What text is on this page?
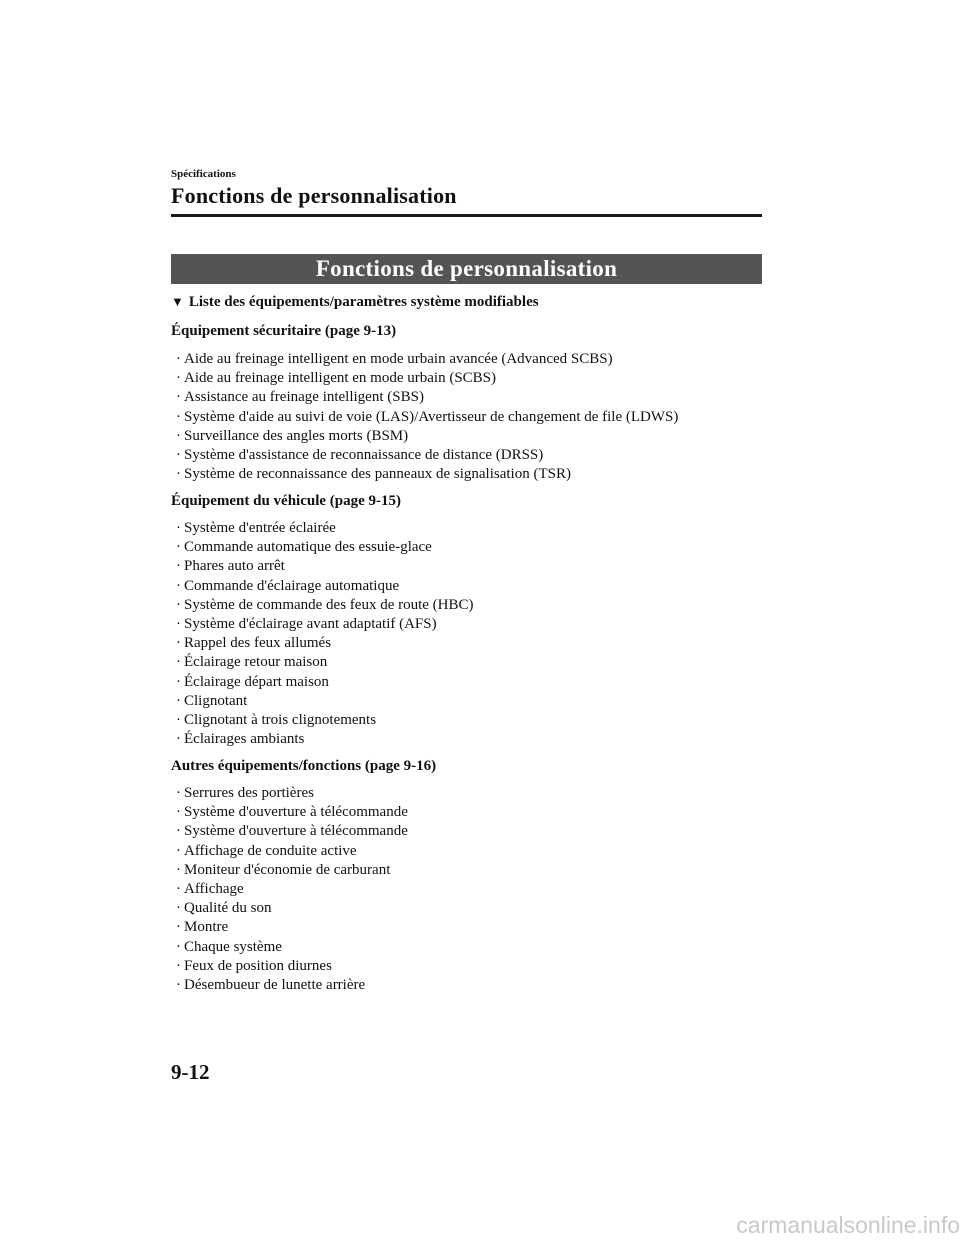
Spécifications
Fonctions de personnalisation
Fonctions de personnalisation
▼ Liste des équipements/paramètres système modifiables
Équipement sécuritaire (page 9-13)
· Aide au freinage intelligent en mode urbain avancée (Advanced SCBS)
· Aide au freinage intelligent en mode urbain (SCBS)
· Assistance au freinage intelligent (SBS)
· Système d'aide au suivi de voie (LAS)/Avertisseur de changement de file (LDWS)
· Surveillance des angles morts (BSM)
· Système d'assistance de reconnaissance de distance (DRSS)
· Système de reconnaissance des panneaux de signalisation (TSR)
Équipement du véhicule (page 9-15)
· Système d'entrée éclairée
· Commande automatique des essuie-glace
· Phares auto arrêt
· Commande d'éclairage automatique
· Système de commande des feux de route (HBC)
· Système d'éclairage avant adaptatif (AFS)
· Rappel des feux allumés
· Éclairage retour maison
· Éclairage départ maison
· Clignotant
· Clignotant à trois clignotements
· Éclairages ambiants
Autres équipements/fonctions (page 9-16)
· Serrures des portières
· Système d'ouverture à télécommande
· Système d'ouverture à télécommande
· Affichage de conduite active
· Moniteur d'économie de carburant
· Affichage
· Qualité du son
· Montre
· Chaque système
· Feux de position diurnes
· Désembueur de lunette arrière
9-12
carmanualsonline.info
